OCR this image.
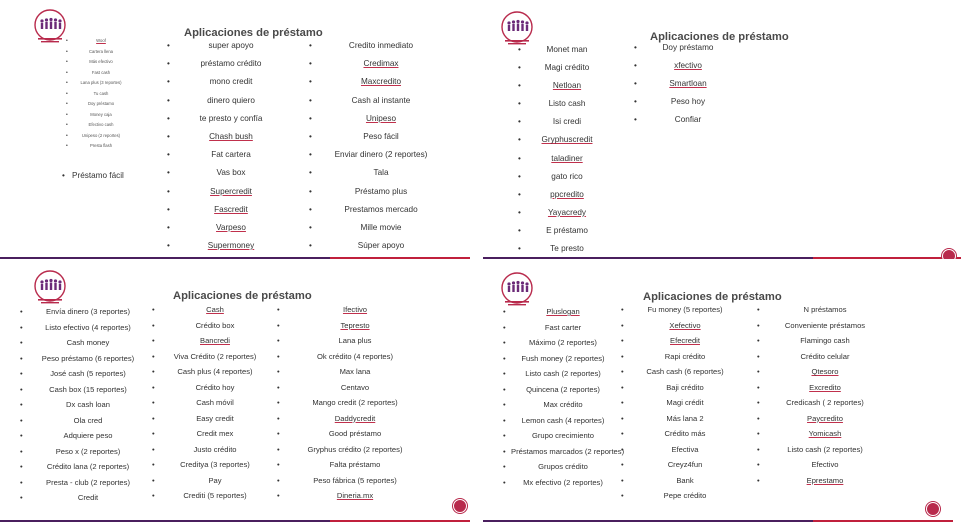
Aplicaciones de préstamo
• Woof
• Cartera llena
• Más efectivo
• Fast cash
• Lana plus (3 reportes)
• Tu cash
• Doy préstamo
• Money caja
• Efectivo cash
• Unipeso (2 reportes)
• Presta flash
• Préstamo fácil
• super apoyo
• préstamo crédito
• mono credit
• dinero quiero
• te presto y confía
• Chash bush
• Fat cartera
• Vas box
• Supercredit
• Fascredit
• Varpeso
• Supermoney
• Credito inmediato
• Credimax
• Maxcredito
• Cash al instante
• Unipeso
• Peso fácil
• Enviar dinero (2 reportes)
• Tala
• Préstamo plus
• Prestamos mercado
• Mille movie
• Súper apoyo
Aplicaciones de préstamo
• Monet man
• Magi crédito
• Netloan
• Listo cash
• Isi credi
• Gryphuscredit
• taladiner
• gato rico
• ppcredito
• Yayacredy
• E préstamo
• Te presto
• Doy préstamo
• xfectivo
• Smartloan
• Peso hoy
• Confiar
Aplicaciones de préstamo
• Envía dinero (3 reportes)
• Listo efectivo (4 reportes)
• Cash money
• Peso préstamo (6 reportes)
• José cash (5 reportes)
• Cash box (15 reportes)
• Dx cash loan
• Ola cred
• Adquiere peso
• Peso x (2 reportes)
• Crédito lana (2 reportes)
• Presta - club (2 reportes)
• Credit
• Cash
• Crédito box
• Bancredi
• Viva Crédito (2 reportes)
• Cash plus (4 reportes)
• Crédito hoy
• Cash móvil
• Easy credit
• Credit mex
• Justo crédito
• Creditya (3 reportes)
• Pay
• Crediti (5 reportes)
• Ifectivo
• Tepresto
• Lana plus
• Ok crédito (4 reportes)
• Max lana
• Centavo
• Mango credit (2 reportes)
• Daddycredit
• Good préstamo
• Gryphus crédito (2 reportes)
• Falta préstamo
• Peso fábrica (5 reportes)
• Dineria.mx
Aplicaciones de préstamo
• Pluslogan
• Fast carter
• Máximo (2 reportes)
• Fush money (2 reportes)
• Listo cash (2 reportes)
• Quincena (2 reportes)
• Max crédito
• Lemon cash (4 reportes)
• Grupo crecimiento
• Préstamos marcados (2 reportes)
• Grupos crédito
• Mx efectivo (2 reportes)
• Fu money (5 reportes)
• Xefectivo
• Efecredit
• Rapi crédito
• Cash cash (6 reportes)
• Baji crédito
• Magi crédit
• Más lana 2
• Crédito más
• Efectiva
• Creyz4fun
• Bank
• Pepe crédito
• N préstamos
• Conveniente préstamos
• Flamingo cash
• Crédito celular
• Qtesoro
• Excredito
• Credicash ( 2 reportes)
• Paycredito
• Yomicash
• Listo cash (2 reportes)
• Efectivo
• Eprestamo
